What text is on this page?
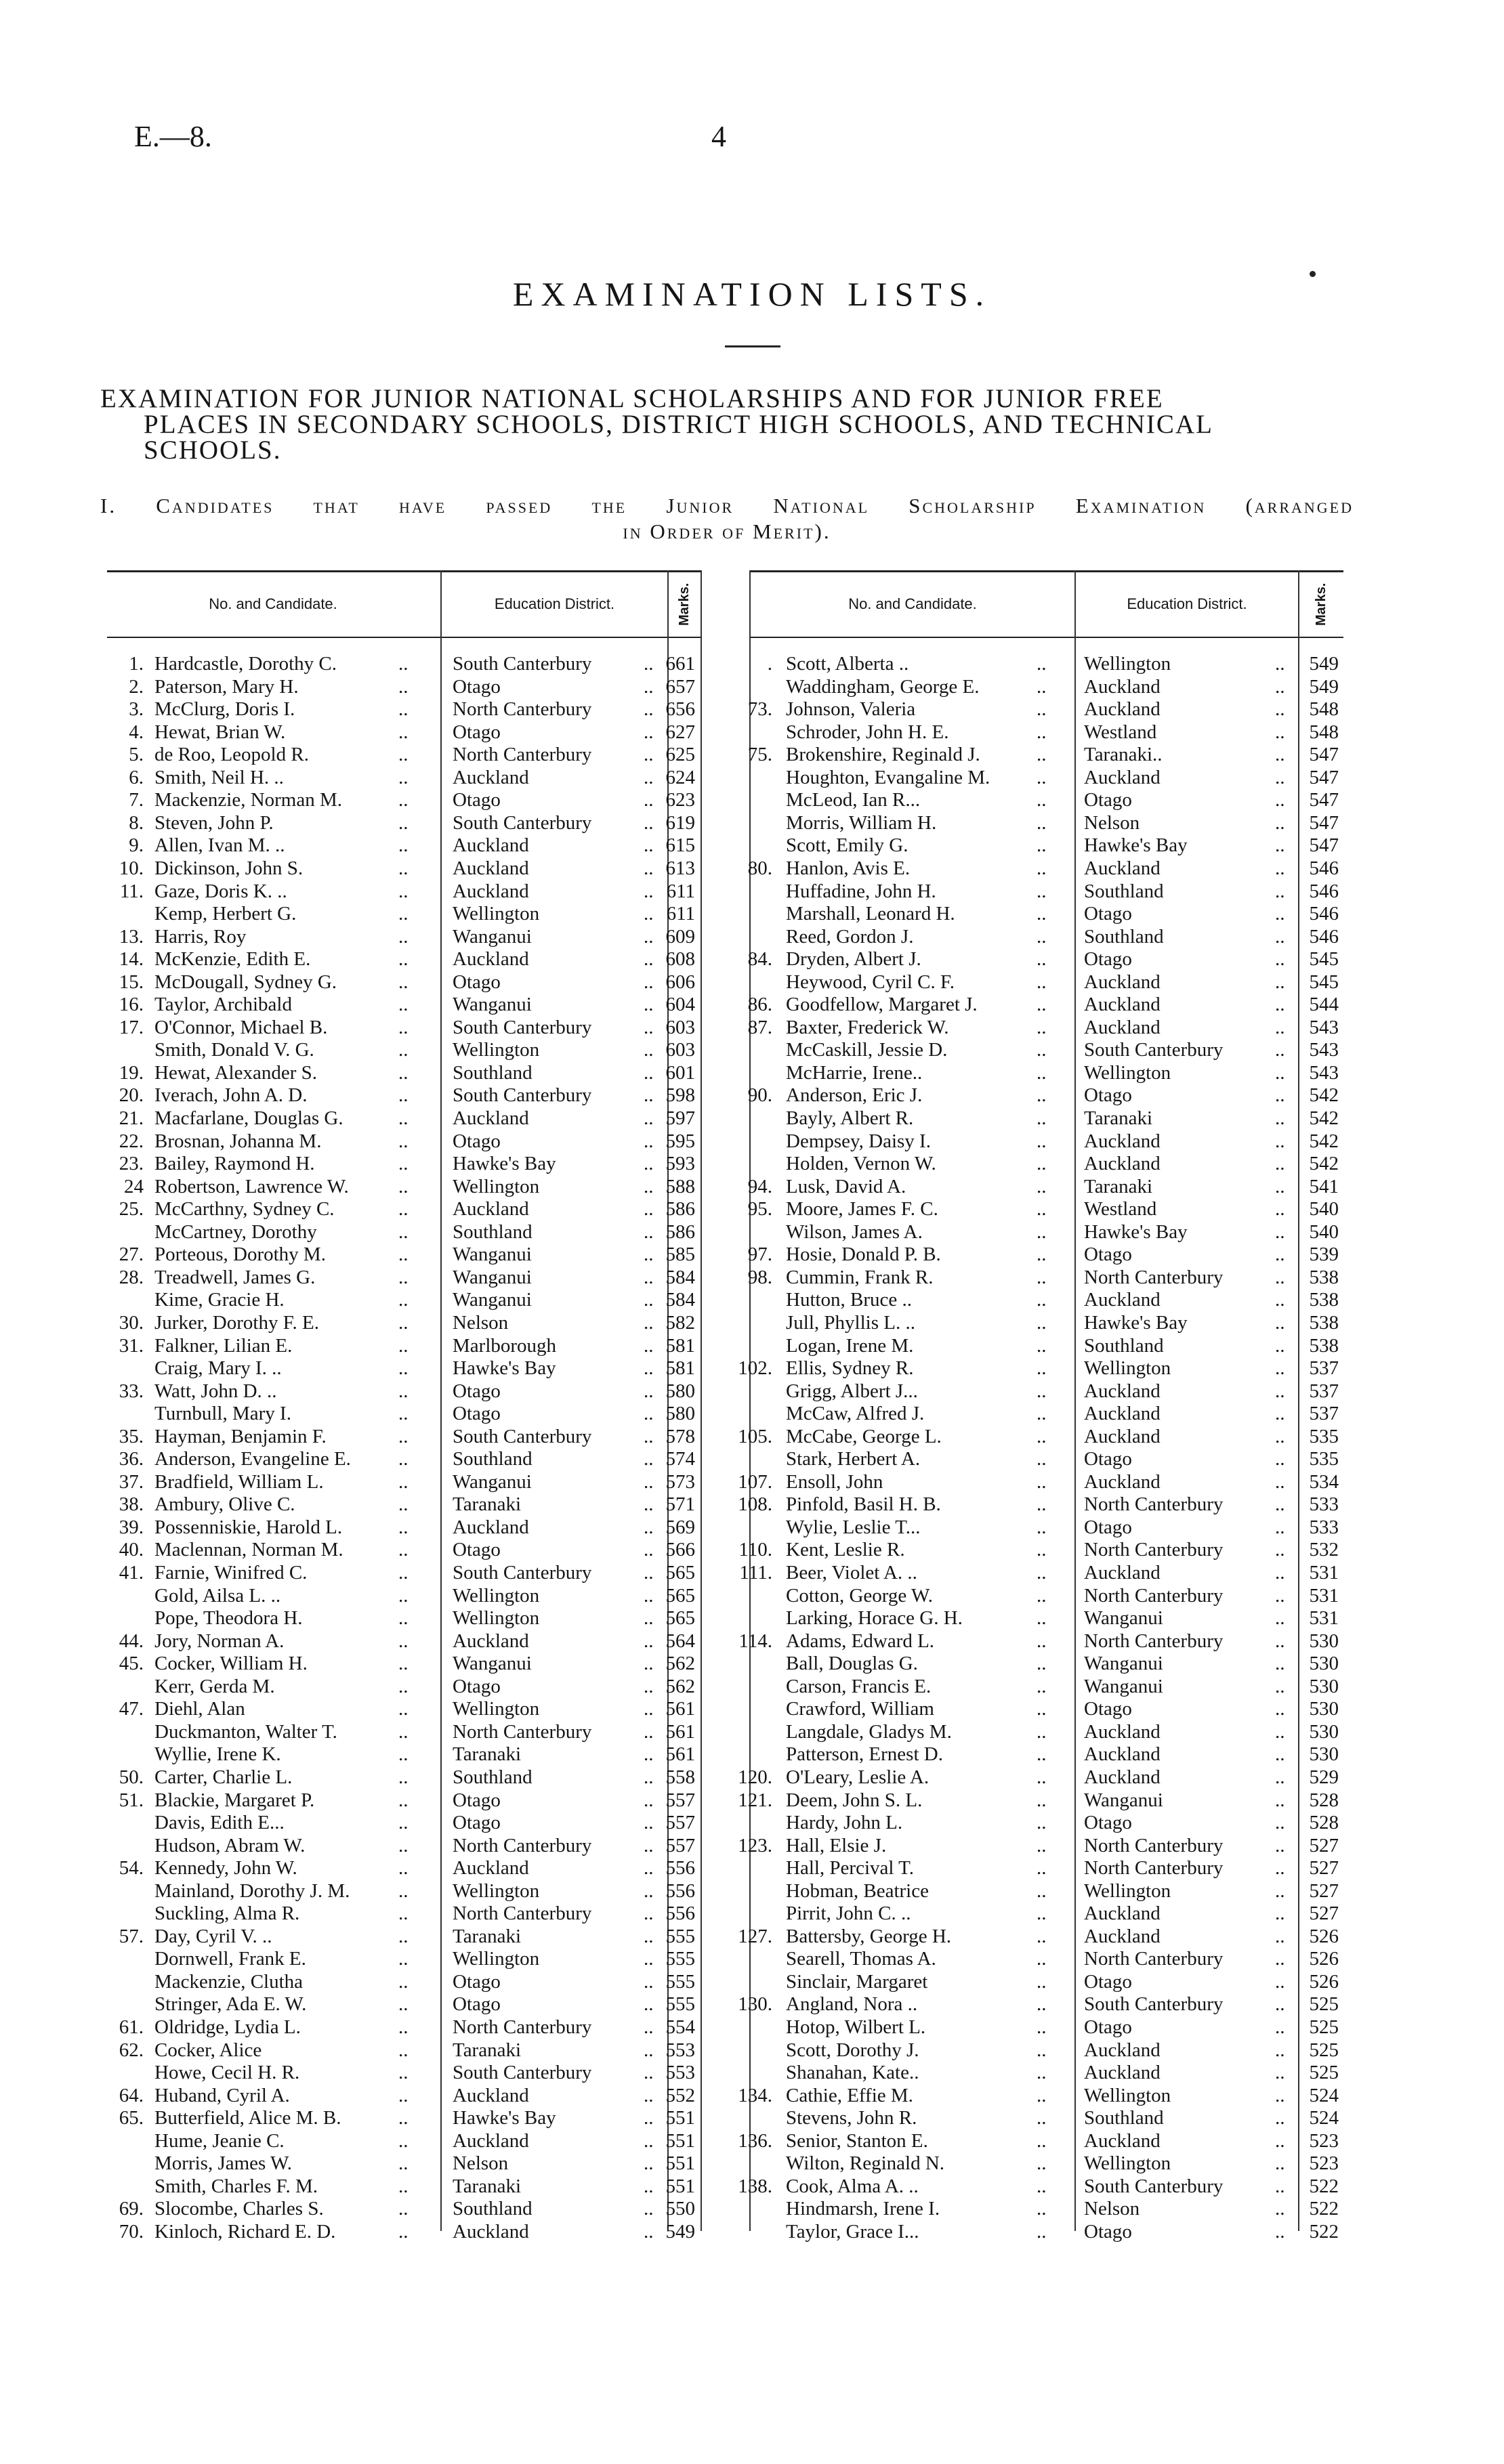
E.—8.	4
EXAMINATION LISTS.
EXAMINATION FOR JUNIOR NATIONAL SCHOLARSHIPS AND FOR JUNIOR FREE
PLACES IN SECONDARY SCHOOLS, DISTRICT HIGH SCHOOLS, AND TECHNICAL
SCHOOLS.
I. Candidates that have passed the Junior National Scholarship Examination (arranged
in Order of Merit).
No. and Candidate.	Education District.	Marks.	No. and Candidate.	Education District.	Marks.
1. Hardcastle, Dorothy C.	.. South Canterbury	.. 661
2. Paterson, Mary H.	.. Otago	.. 657
3. McClurg, Doris I.	.. North Canterbury	.. 656
4. Hewat, Brian W.	.. Otago	.. 627
5. de Roo, Leopold R.	.. North Canterbury	.. 625
6. Smith, Neil H. ..	.. Auckland	.. 624
7. Mackenzie, Norman M.	.. Otago	.. 623
8. Steven, John P.	.. South Canterbury	.. 619
9. Allen, Ivan M. ..	.. Auckland	.. 615
10. Dickinson, John S.	.. Auckland	.. 613
11. Gaze, Doris K. ..	.. Auckland	.. 611
Kemp, Herbert G.	.. Wellington	.. 611
13. Harris, Roy	.. Wanganui	.. 609
14. McKenzie, Edith E.	.. Auckland	.. 608
15. McDougall, Sydney G.	.. Otago	.. 606
16. Taylor, Archibald	.. Wanganui	.. 604
17. O'Connor, Michael B.	.. South Canterbury	.. 603
Smith, Donald V. G.	.. Wellington	.. 603
19. Hewat, Alexander S.	.. Southland	.. 601
20. Iverach, John A. D.	.. South Canterbury	.. 598
21. Macfarlane, Douglas G.	.. Auckland	.. 597
22. Brosnan, Johanna M.	.. Otago	.. 595
23. Bailey, Raymond H.	.. Hawke's Bay	.. 593
24 Robertson, Lawrence W.	.. Wellington	.. 588
25. McCarthny, Sydney C.	.. Auckland	.. 586
McCartney, Dorothy	.. Southland	.. 586
27. Porteous, Dorothy M.	.. Wanganui	.. 585
28. Treadwell, James G.	.. Wanganui	.. 584
Kime, Gracie H.	.. Wanganui	.. 584
30. Jurker, Dorothy F. E.	.. Nelson	.. 582
31. Falkner, Lilian E.	.. Marlborough	.. 581
Craig, Mary I. ..	.. Hawke's Bay	.. 581
33. Watt, John D. ..	.. Otago	.. 580
Turnbull, Mary I.	.. Otago	.. 580
35. Hayman, Benjamin F.	.. South Canterbury	.. 578
36. Anderson, Evangeline E. .. Southland	.. 574
37. Bradfield, William L.	.. Wanganui	.. 573
38. Ambury, Olive C.	.. Taranaki	.. 571
39. Possenniskie, Harold L.	.. Auckland	.. 569
40. Maclennan, Norman M.	.. Otago	.. 566
41. Farnie, Winifred C.	.. South Canterbury	.. 565
Gold, Ailsa L. ..	.. Wellington	.. 565
Pope, Theodora H.	.. Wellington	.. 565
44. Jory, Norman A.	.. Auckland	.. 564
45. Cocker, William H.	.. Wanganui	.. 562
Kerr, Gerda M.	.. Otago	.. 562
47. Diehl, Alan	.. Wellington	.. 561
Duckmanton, Walter T.	.. North Canterbury	.. 561
Wyllie, Irene K.	.. Taranaki	.. 561
50. Carter, Charlie L.	.. Southland	.. 558
51. Blackie, Margaret P.	.. Otago	.. 557
Davis, Edith E...	.. Otago	.. 557
Hudson, Abram W.	.. North Canterbury	.. 557
54. Kennedy, John W.	.. Auckland	.. 556
Mainland, Dorothy J. M. .. Wellington	.. 556
Suckling, Alma R.	.. North Canterbury	.. 556
57. Day, Cyril V. ..	.. Taranaki	.. 555
Dornwell, Frank E.	.. Wellington	.. 555
Mackenzie, Clutha	.. Otago	.. 555
Stringer, Ada E. W.	.. Otago	.. 555
61. Oldridge, Lydia L.	.. North Canterbury	.. 554
62. Cocker, Alice	.. Taranaki	.. 553
Howe, Cecil H. R.	.. South Canterbury	.. 553
64. Huband, Cyril A.	.. Auckland	.. 552
65. Butterfield, Alice M. B.	.. Hawke's Bay	.. 551
Hume, Jeanie C.	.. Auckland	.. 551
Morris, James W.	.. Nelson	.. 551
Smith, Charles F. M.	.. Taranaki	.. 551
69. Slocombe, Charles S.	.. Southland	.. 550
70. Kinloch, Richard E. D.	.. Auckland	.. 549
. Scott, Alberta ..	.. Wellington	..	549
Waddingham, George E.	.. Auckland	..	549
73. Johnson, Valeria	.. Auckland	..	548
Schroder, John H. E.	.. Westland	..	548
75. Brokenshire, Reginald J.	.. Taranaki..	..	547
Houghton, Evangaline M. .. Auckland	..	547
McLeod, Ian R...	.. Otago	..	547
Morris, William H.	.. Nelson	..	547
Scott, Emily G.	.. Hawke's Bay	..	547
80. Hanlon, Avis E.	.. Auckland	..	546
Huffadine, John H.	.. Southland	..	546
Marshall, Leonard H.	.. Otago	..	546
Reed, Gordon J.	.. Southland	..	546
84. Dryden, Albert J.	.. Otago	..	545
Heywood, Cyril C. F.	.. Auckland	..	545
86. Goodfellow, Margaret J.	.. Auckland	..	544
87. Baxter, Frederick W.	.. Auckland	..	543
McCaskill, Jessie D.	.. South Canterbury	..	543
McHarrie, Irene..	.. Wellington	..	543
90. Anderson, Eric J.	.. Otago	..	542
Bayly, Albert R.	.. Taranaki	..	542
Dempsey, Daisy I.	.. Auckland	..	542
Holden, Vernon W.	.. Auckland	..	542
94. Lusk, David A.	.. Taranaki	..	541
95. Moore, James F. C.	.. Westland	..	540
Wilson, James A.	.. Hawke's Bay	..	540
97. Hosie, Donald P. B.	.. Otago	..	539
98. Cummin, Frank R.	.. North Canterbury	..	538
Hutton, Bruce ..	.. Auckland	..	538
Jull, Phyllis L. ..	.. Hawke's Bay	..	538
Logan, Irene M.	.. Southland	..	538
102. Ellis, Sydney R.	.. Wellington	..	537
Grigg, Albert J...	.. Auckland	..	537
McCaw, Alfred J.	.. Auckland	..	537
105. McCabe, George L.	.. Auckland	..	535
Stark, Herbert A.	.. Otago	..	535
107. Ensoll, John	.. Auckland	..	534
108. Pinfold, Basil H. B.	.. North Canterbury	..	533
Wylie, Leslie T...	.. Otago	..	533
110. Kent, Leslie R.	.. North Canterbury	..	532
111. Beer, Violet A. ..	.. Auckland	..	531
Cotton, George W.	.. North Canterbury	..	531
Larking, Horace G. H.	.. Wanganui	..	531
114. Adams, Edward L.	.. North Canterbury	..	530
Ball, Douglas G.	.. Wanganui	..	530
Carson, Francis E.	.. Wanganui	..	530
Crawford, William	.. Otago	..	530
Langdale, Gladys M.	.. Auckland	..	530
Patterson, Ernest D.	.. Auckland	..	530
120. O'Leary, Leslie A.	.. Auckland	..	529
121. Deem, John S. L.	.. Wanganui	..	528
Hardy, John L.	.. Otago	..	528
123. Hall, Elsie J.	.. North Canterbury	..	527
Hall, Percival T.	.. North Canterbury	..	527
Hobman, Beatrice	.. Wellington	..	527
Pirrit, John C. ..	.. Auckland	..	527
127. Battersby, George H.	.. Auckland	..	526
Searell, Thomas A.	.. North Canterbury	..	526
Sinclair, Margaret	.. Otago	..	526
130. Angland, Nora ..	.. South Canterbury	..	525
Hotop, Wilbert L.	.. Otago	..	525
Scott, Dorothy J.	.. Auckland	..	525
Shanahan, Kate..	.. Auckland	..	525
134. Cathie, Effie M.	.. Wellington	..	524
Stevens, John R.	.. Southland	..	524
136. Senior, Stanton E.	.. Auckland	..	523
Wilton, Reginald N.	.. Wellington	..	523
138. Cook, Alma A. ..	.. South Canterbury	..	522
Hindmarsh, Irene I.	.. Nelson	..	522
Taylor, Grace I...	.. Otago	..	522
